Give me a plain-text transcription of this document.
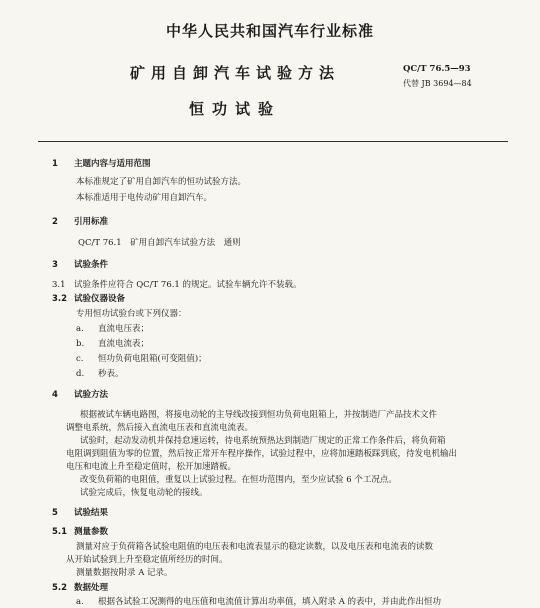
中华人民共和国汽车行业标准
矿用自卸汽车试验方法
恒功试验
QC/T 76.5—93
代替 JB 3694—84
1 主题内容与适用范围
本标准规定了矿用自卸汽车的恒功试验方法。
本标准适用于电传动矿用自卸汽车。
2 引用标准
QC/T 76.1　矿用自卸汽车试验方法　通则
3 试验条件
3.1 试验条件应符合 QC/T 76.1 的规定。试验车辆允许不装载。
3.2 试验仪器设备
专用恒功试验台或下列仪器：
a. 直流电压表；
b. 直流电流表；
c. 恒功负荷电阻箱(可变阻值)；
d. 秒表。
4 试验方法
根据被试车辆电路图，将接电动轮的主导线改接到恒功负荷电阻箱上，并按制造厂产品技术文件
调整电系统，然后接入直流电压表和直流电流表。
试验时，起动发动机并保持怠速运转，待电系统预热达到制造厂规定的正常工作条件后，将负荷箱
电阻调到阻值为零的位置，然后按正常开车程序操作，试验过程中，应将加速踏板踩到底，待发电机输出
电压和电流上升至稳定值时，松开加速踏板。
改变负荷箱的电阻值，重复以上试验过程。在恒功范围内，至少应试验 6 个工况点。
试验完成后，恢复电动轮的接线。
5 试验结果
5.1 测量参数
测量对应于负荷箱各试验电阻值的电压表和电流表显示的稳定读数，以及电压表和电流表的读数
从开始试验到上升至稳定值所经历的时间。
测量数据按附录 A 记录。
5.2 数据处理
a. 根据各试验工况测得的电压值和电流值计算出功率值，填入附录 A 的表中，并由此作出恒功
